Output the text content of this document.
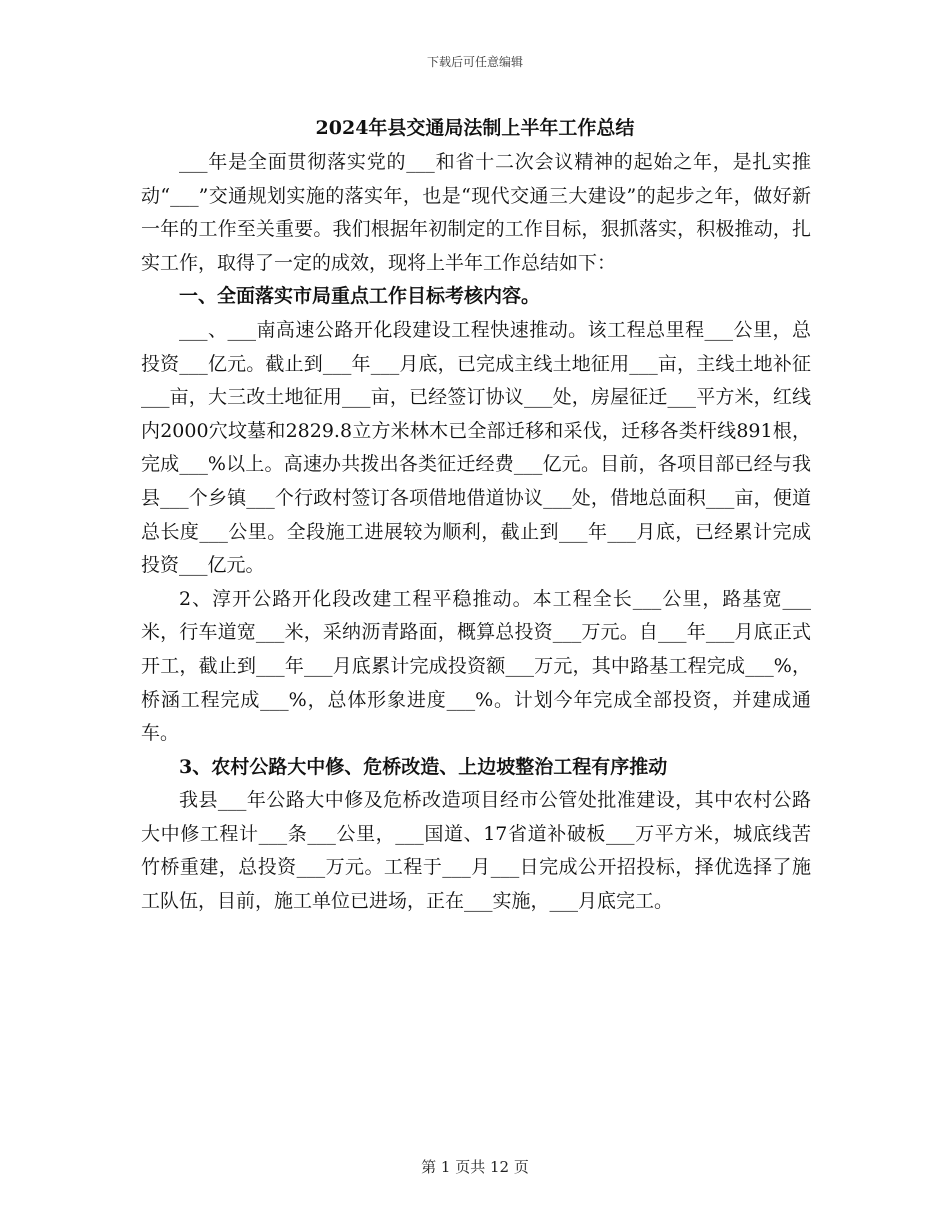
下载后可任意编辑
2024年县交通局法制上半年工作总结

___年是全面贯彻落实党的___和省十二次会议精神的起始之年，是扎实推动“___”交通规划实施的落实年，也是“现代交通三大建设”的起步之年，做好新一年的工作至关重要。我们根据年初制定的工作目标，狠抓落实，积极推动，扎实工作，取得了一定的成效，现将上半年工作总结如下：

一、全面落实市局重点工作目标考核内容。

___、___南高速公路开化段建设工程快速推动。该工程总里程___公里，总投资___亿元。截止到___年___月底，已完成主线土地征用___亩，主线土地补征___亩，大三改土地征用___亩，已经签订协议___处，房屋征迁___平方米，红线内2000穴坟墓和2829.8立方米林木已全部迁移和采伐，迁移各类杆线891根，完成___%以上。高速办共拨出各类征迁经费___亿元。目前，各项目部已经与我县___个乡镇___个行政村签订各项借地借道协议___处，借地总面积___亩，便道总长度___公里。全段施工进展较为顺利，截止到___年___月底，已经累计完成投资___亿元。

2、淳开公路开化段改建工程平稳推动。本工程全长___公里，路基宽___米，行车道宽___米，采纳沥青路面，概算总投资___万元。自___年___月底正式开工，截止到___年___月底累计完成投资额___万元，其中路基工程完成___%，桥涵工程完成___%，总体形象进度___%。计划今年完成全部投资，并建成通车。

3、农村公路大中修、危桥改造、上边坡整治工程有序推动

我县___年公路大中修及危桥改造项目经市公管处批准建设，其中农村公路大中修工程计___条___公里，___国道、17省道补破板___万平方米，城底线苦竹桥重建，总投资___万元。工程于___月___日完成公开招投标，择优选择了施工队伍，目前，施工单位已进场，正在___实施，___月底完工。

第 1 页共 12 页
